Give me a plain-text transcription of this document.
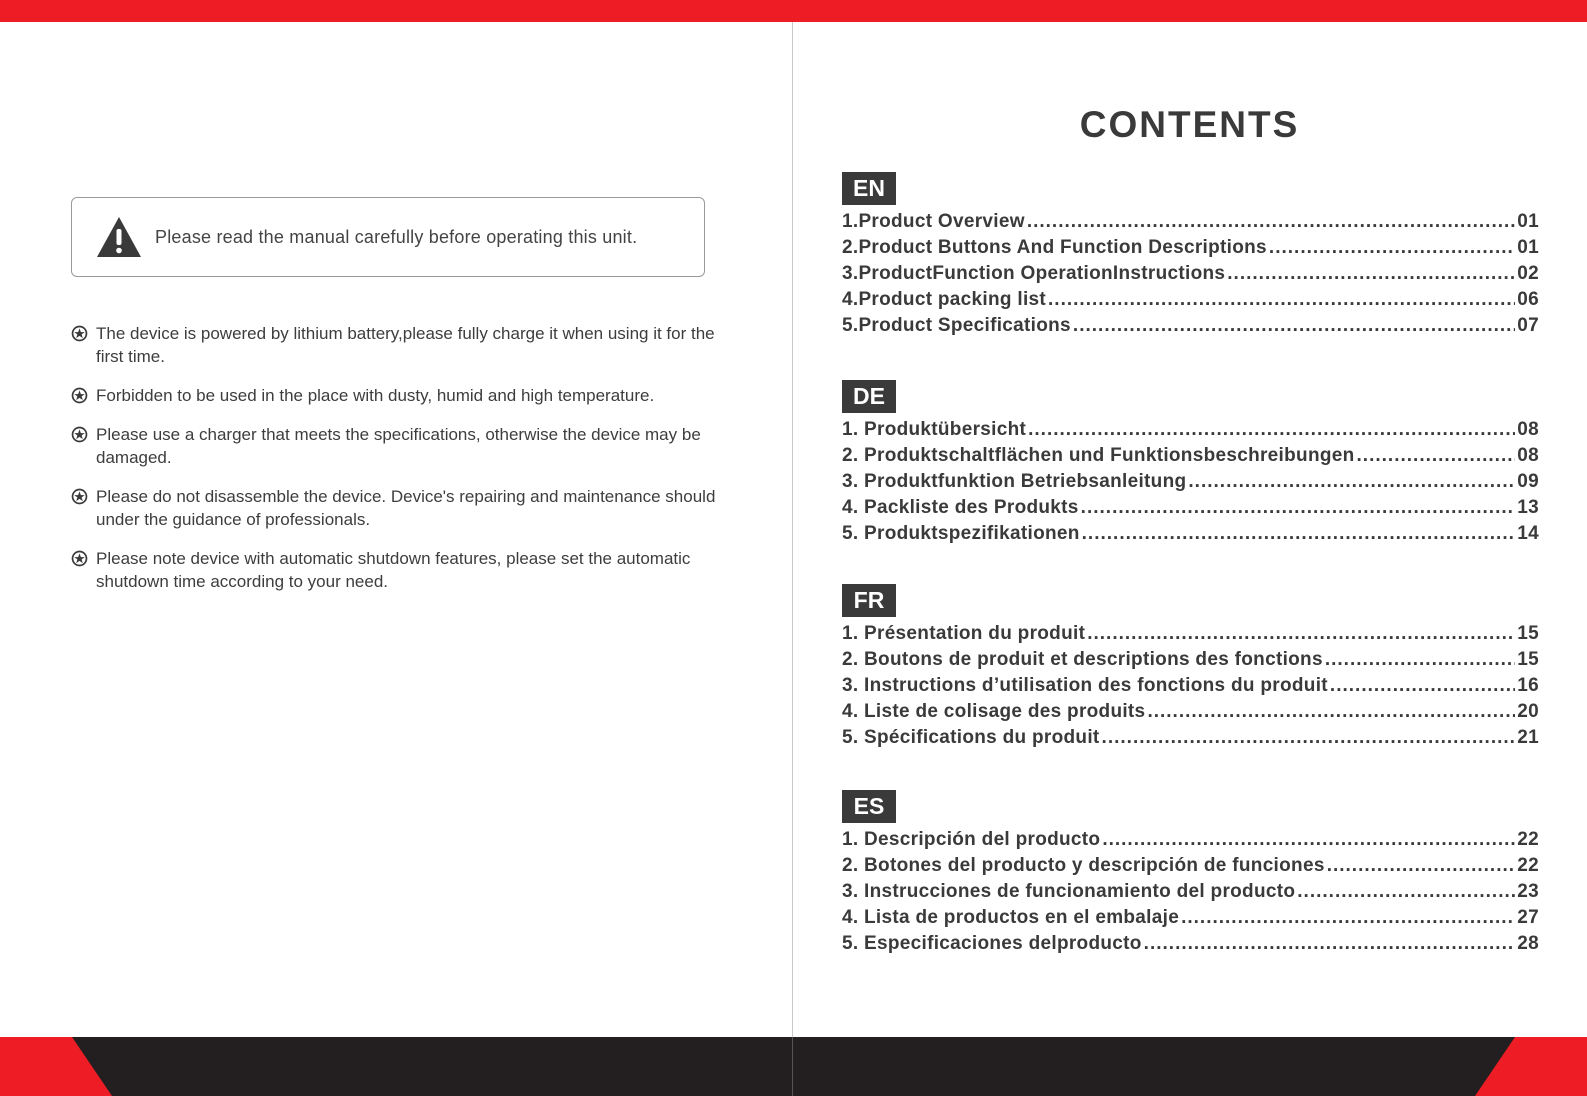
Please read the manual carefully before operating this unit.
The device is powered by lithium battery,please fully charge it when using it for the first time.
Forbidden to be used in the place with dusty, humid and high temperature.
Please use a charger that meets the specifications, otherwise the device may be damaged.
Please do not disassemble the device. Device's repairing and maintenance should under the guidance of professionals.
Please note device with automatic shutdown features, please set the automatic shutdown time according to your need.
CONTENTS
EN
1.Product Overview .....	01
2.Product Buttons And Function Descriptions .....	01
3.ProductFunction OperationInstructions .....	02
4.Product packing list .....	06
5.Product Specifications .....	07
DE
1. Produktübersicht .....	08
2. Produktschaltflächen und Funktionsbeschreibungen .....	08
3. Produktfunktion Betriebsanleitung .....	09
4. Packliste des Produkts .....	13
5. Produktspezifikationen .....	14
FR
1. Présentation du produit .....	15
2. Boutons de produit et descriptions des fonctions .....	15
3. Instructions d’utilisation des fonctions du produit .....	16
4. Liste de colisage des produits .....	20
5. Spécifications du produit .....	21
ES
1. Descripción del producto .....	22
2. Botones del producto y descripción de funciones .....	22
3. Instrucciones de funcionamiento del producto .....	23
4. Lista de productos en el embalaje .....	27
5. Especificaciones delproducto .....	28
